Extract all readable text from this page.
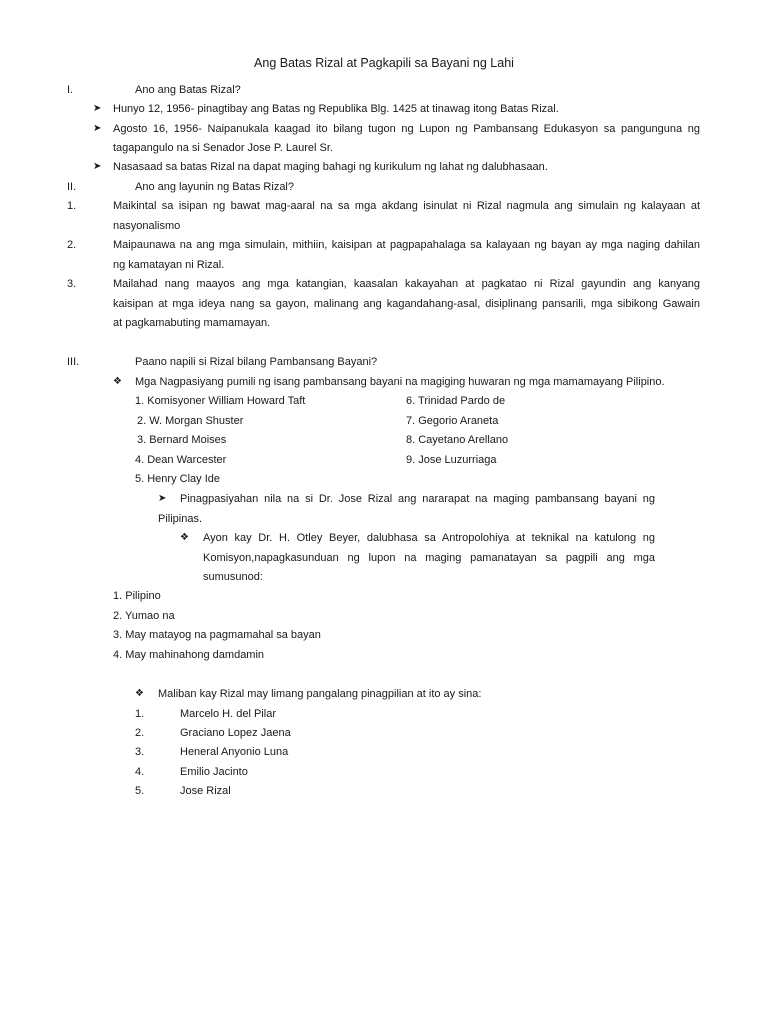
Ang Batas Rizal at Pagkapili sa Bayani ng Lahi
I.	Ano ang Batas Rizal?
➤ Hunyo 12, 1956- pinagtibay ang Batas ng Republika Blg. 1425 at tinawag itong Batas Rizal.
➤ Agosto 16, 1956- Naipanukala kaagad ito bilang tugon ng Lupon ng Pambansang Edukasyon sa pangunguna ng
tagapangulo na si Senador Jose P. Laurel Sr.
➤ Nasasaad sa batas Rizal na dapat maging bahagi ng kurikulum ng lahat ng dalubhasaan.
II.	Ano ang layunin ng Batas Rizal?
1.	Maikintal sa isipan ng bawat mag-aaral na sa mga akdang isinulat ni Rizal nagmula ang simulain ng kalayaan at
nasyonalismo
2.	Maipaunawa na ang mga simulain, mithiin, kaisipan at pagpapahalaga sa kalayaan ng bayan ay mga naging dahilan
ng kamatayan ni Rizal.
3.	Mailahad nang maayos ang mga katangian, kaasalan kakayahan at pagkatao ni Rizal gayundin ang kanyang
kaisipan at mga ideya nang sa gayon, malinang ang kagandahang-asal, disiplinang pansarili, mga sibikong Gawain
at pagkamabuting mamamayan.
III.	Paano napili si Rizal bilang Pambansang Bayani?
❖ Mga Nagpasiyang pumili ng isang pambansang bayani na magiging huwaran ng mga mamamayang Pilipino.
1. Komisyoner William Howard Taft
2. W. Morgan Shuster
3. Bernard Moises
4. Dean Warcester
5. Henry Clay Ide
6. Trinidad Pardo de
7. Gegorio Araneta
8. Cayetano Arellano
9. Jose Luzurriaga
➤ Pinagpasiyahan nila na si Dr. Jose Rizal ang nararapat na maging pambansang bayani ng
Pilipinas.
❖ Ayon kay Dr. H. Otley Beyer, dalubhasa sa Antropolohiya at teknikal na katulong ng
Komisyon,napagkasunduan ng lupon na maging pamanatayan sa pagpili ang mga
sumusunod:
1. Pilipino
2. Yumao na
3. May matayog na pagmamahal sa bayan
4. May mahinahong damdamin
❖ Maliban kay Rizal may limang pangalang pinagpilian at ito ay sina:
1.	Marcelo H. del Pilar
2.	Graciano Lopez Jaena
3.	Heneral Anyonio Luna
4.	Emilio Jacinto
5.	Jose Rizal
